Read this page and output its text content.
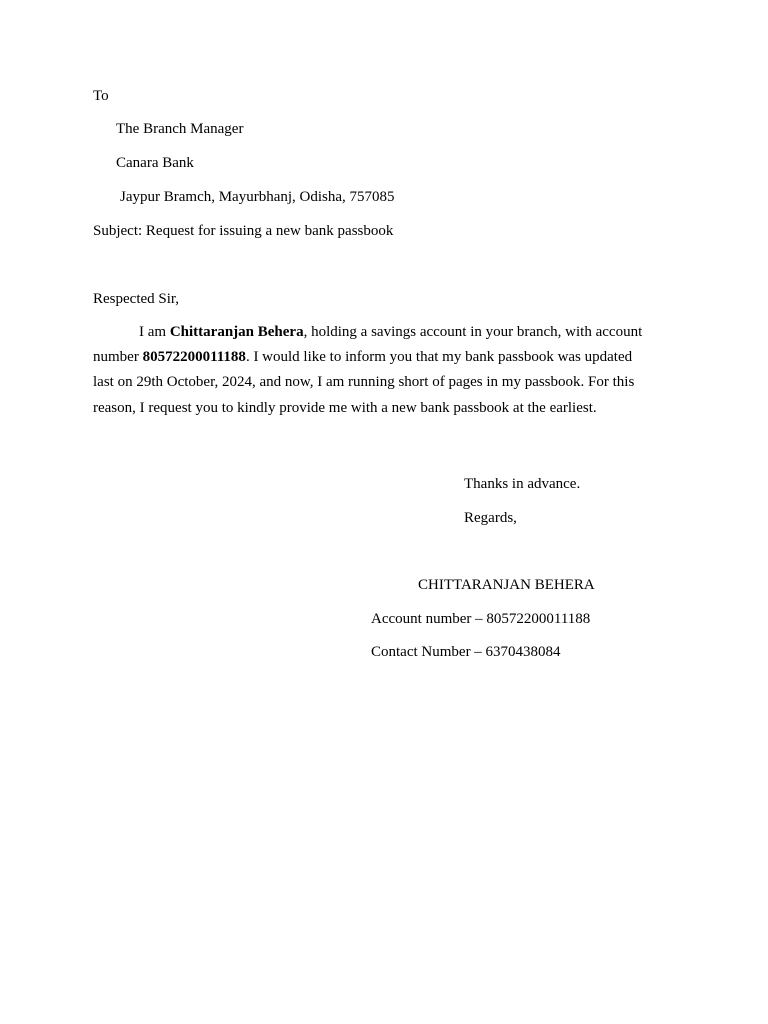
To
The Branch Manager
Canara Bank
Jaypur Bramch, Mayurbhanj, Odisha, 757085
Subject: Request for issuing a new bank passbook
Respected Sir,
I am Chittaranjan Behera, holding a savings account in your branch, with account
number 80572200011188. I would like to inform you that my bank passbook was updated
last on 29th October, 2024, and now, I am running short of pages in my passbook. For this
reason, I request you to kindly provide me with a new bank passbook at the earliest.
Thanks in advance.
Regards,
CHITTARANJAN BEHERA
Account number – 80572200011188
Contact Number – 6370438084
